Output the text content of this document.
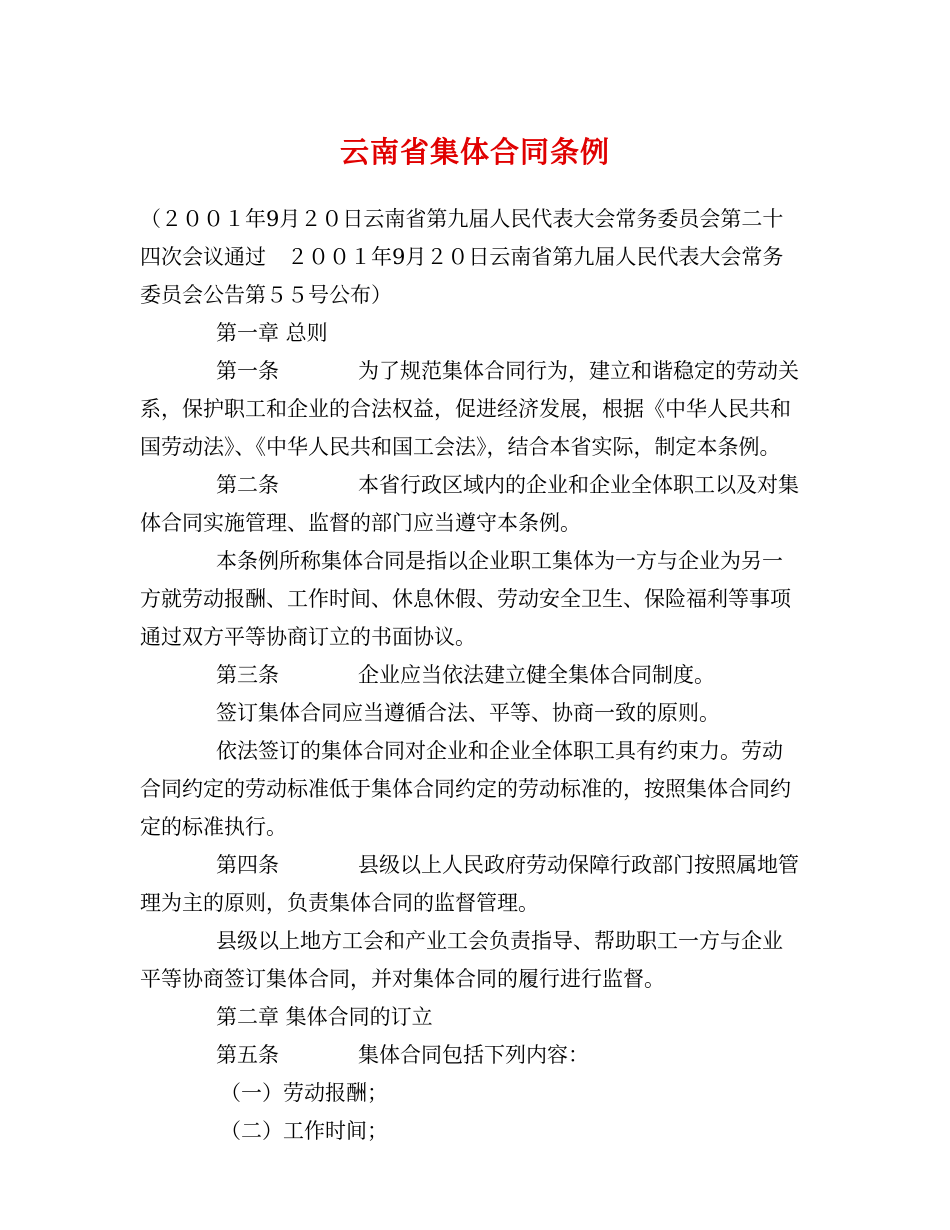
云南省集体合同条例
（２００１年9月２０日云南省第九届人民代表大会常务委员会第二十
四次会议通过　２００１年9月２０日云南省第九届人民代表大会常务
委员会公告第５５号公布）
第一章 总则
第一条	为了规范集体合同行为，建立和谐稳定的劳动关
系，保护职工和企业的合法权益，促进经济发展，根据《中华人民共和
国劳动法》、《中华人民共和国工会法》，结合本省实际，制定本条例。
第二条	本省行政区域内的企业和企业全体职工以及对集
体合同实施管理、监督的部门应当遵守本条例。
本条例所称集体合同是指以企业职工集体为一方与企业为另一
方就劳动报酬、工作时间、休息休假、劳动安全卫生、保险福利等事项
通过双方平等协商订立的书面协议。
第三条	企业应当依法建立健全集体合同制度。
签订集体合同应当遵循合法、平等、协商一致的原则。
依法签订的集体合同对企业和企业全体职工具有约束力。劳动
合同约定的劳动标准低于集体合同约定的劳动标准的，按照集体合同约
定的标准执行。
第四条	县级以上人民政府劳动保障行政部门按照属地管
理为主的原则，负责集体合同的监督管理。
县级以上地方工会和产业工会负责指导、帮助职工一方与企业
平等协商签订集体合同，并对集体合同的履行进行监督。
第二章 集体合同的订立
第五条	集体合同包括下列内容：
（一）劳动报酬；
（二）工作时间；
